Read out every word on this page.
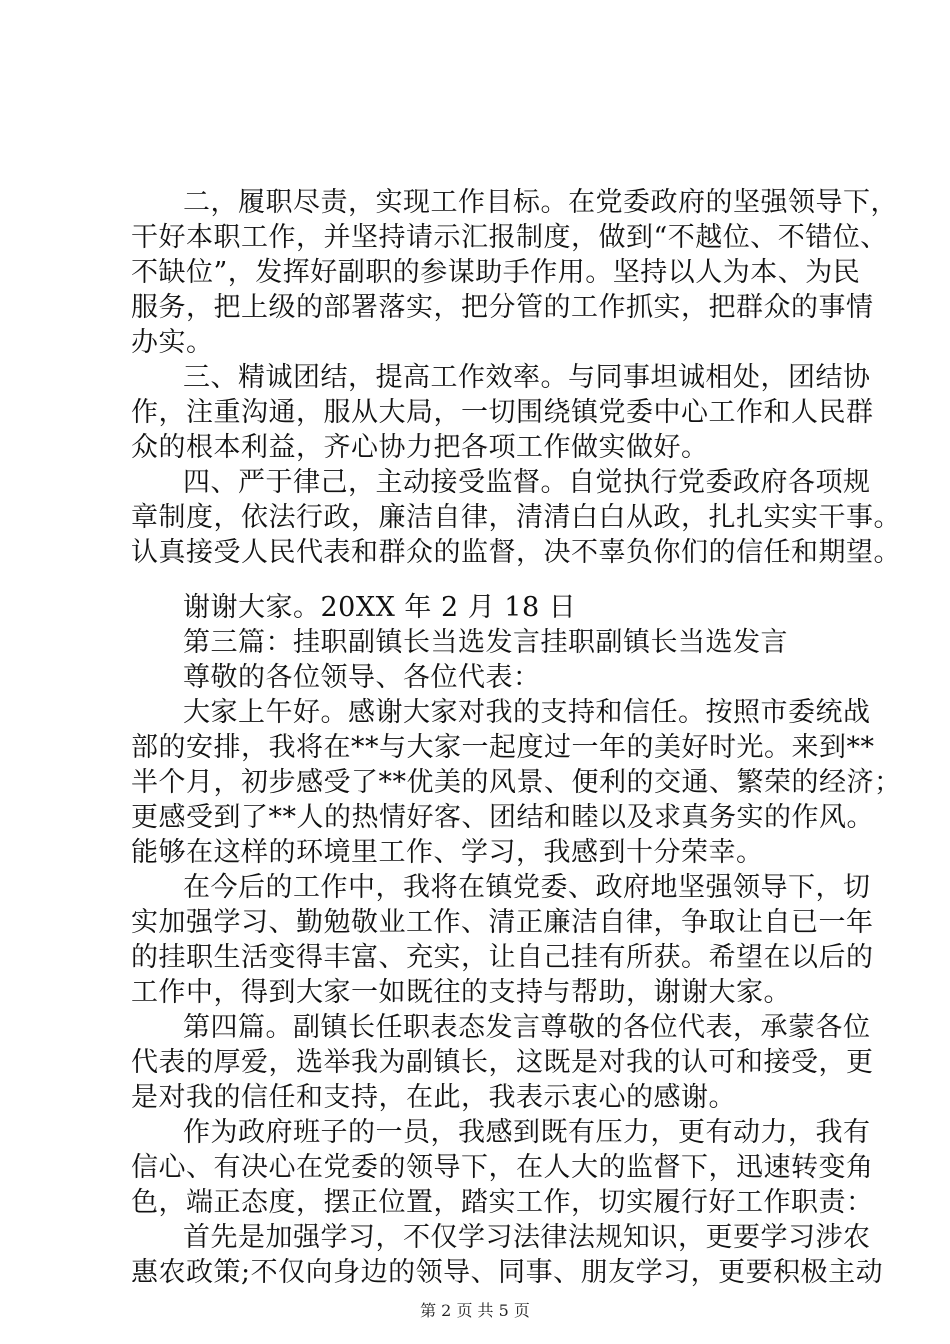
二，履职尽责，实现工作目标。在党委政府的坚强领导下，
干好本职工作，并坚持请示汇报制度，做到“不越位、不错位、
不缺位”，发挥好副职的参谋助手作用。坚持以人为本、为民
服务，把上级的部署落实，把分管的工作抓实，把群众的事情
办实。
三、精诚团结，提高工作效率。与同事坦诚相处，团结协
作，注重沟通，服从大局，一切围绕镇党委中心工作和人民群
众的根本利益，齐心协力把各项工作做实做好。
四、严于律己，主动接受监督。自觉执行党委政府各项规
章制度，依法行政，廉洁自律，清清白白从政，扎扎实实干事。
认真接受人民代表和群众的监督，决不辜负你们的信任和期望。
谢谢大家。20XX 年 2 月 18 日
第三篇：挂职副镇长当选发言挂职副镇长当选发言
尊敬的各位领导、各位代表：
大家上午好。感谢大家对我的支持和信任。按照市委统战
部的安排，我将在**与大家一起度过一年的美好时光。来到**
半个月，初步感受了**优美的风景、便利的交通、繁荣的经济；
更感受到了**人的热情好客、团结和睦以及求真务实的作风。
能够在这样的环境里工作、学习，我感到十分荣幸。
在今后的工作中，我将在镇党委、政府地坚强领导下，切
实加强学习、勤勉敬业工作、清正廉洁自律，争取让自已一年
的挂职生活变得丰富、充实，让自己挂有所获。希望在以后的
工作中，得到大家一如既往的支持与帮助，谢谢大家。
第四篇。副镇长任职表态发言尊敬的各位代表，承蒙各位
代表的厚爱，选举我为副镇长，这既是对我的认可和接受，更
是对我的信任和支持，在此，我表示衷心的感谢。
作为政府班子的一员，我感到既有压力，更有动力，我有
信心、有决心在党委的领导下，在人大的监督下，迅速转变角
色，端正态度，摆正位置，踏实工作，切实履行好工作职责：
首先是加强学习，不仅学习法律法规知识，更要学习涉农
惠农政策;不仅向身边的领导、同事、朋友学习，更要积极主动
第 2 页 共 5 页
